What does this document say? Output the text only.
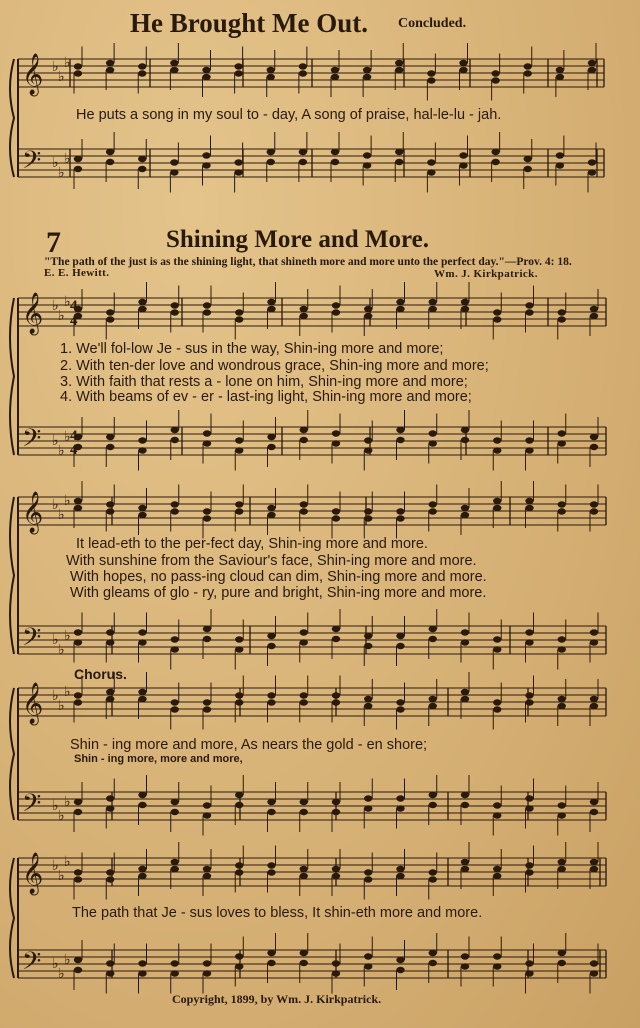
He Brought Me Out. Concluded.
𝄞
𝄢
♭
♭
♭
♭
♭
♭
𝄞
𝄢
♭
♭
♭
♭
♭
♭
4
4
4
4
𝄞
𝄢
♭
♭
♭
♭
♭
♭
𝄞
𝄢
♭
♭
♭
♭
♭
♭
𝄞
𝄢
♭
♭
♭
♭
♭
♭
He puts a song in my soul to - day, A song of praise, hal-le-lu - jah.
7	Shining More and More.
"The path of the just is as the shining light, that shineth more and more unto the perfect day."—Prov. 4: 18.
E. E. Hewitt.	Wm. J. Kirkpatrick.
1. We'll fol-low Je - sus in the way, Shin-ing more and more;
2. With ten-der love and wondrous grace, Shin-ing more and more;
3. With faith that rests a - lone on him, Shin-ing more and more;
4. With beams of ev - er - last-ing light, Shin-ing more and more;
It lead-eth to the per-fect day, Shin-ing more and more.
With sunshine from the Saviour's face, Shin-ing more and more.
With hopes, no pass-ing cloud can dim, Shin-ing more and more.
With gleams of glo - ry, pure and bright, Shin-ing more and more.
Chorus.
Shin - ing more and more, As nears the gold - en shore;
Shin - ing more, more and more,
The path that Je - sus loves to bless, It shin-eth more and more.
Copyright, 1899, by Wm. J. Kirkpatrick.
